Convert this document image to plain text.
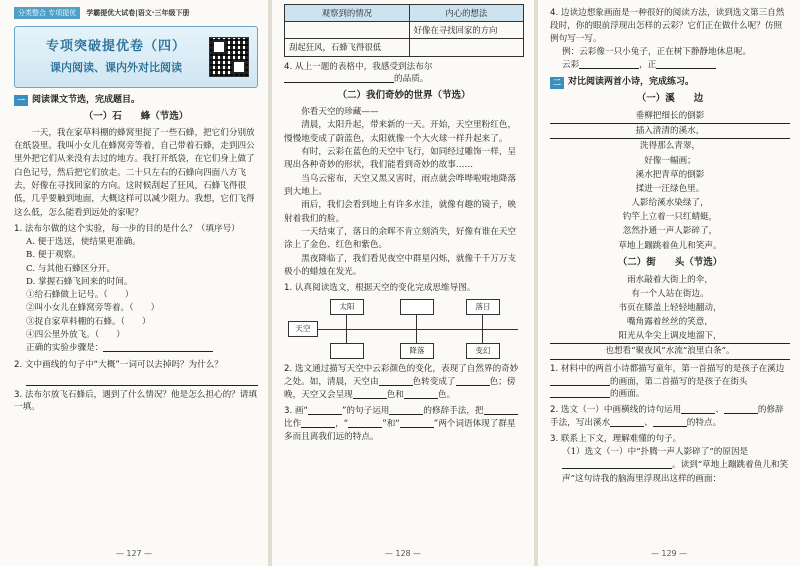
分类整合 专项提优	学霸提优大试卷|语文·三年级下册
专项突破提优卷（四）
课内阅读、课内外对比阅读
一 阅读课文节选，完成题目。
（一）石　　蜂（节选）
一天，我在家草料棚的蜂窝里捉了一些石蜂，把它们分别放在纸袋里。我叫小女儿在蜂窝旁等着，自己带着石蜂，走到四公里外把它们从来没有去过的地方。我打开纸袋，在它们身上做了白色记号，然后把它们放走。二十只左右的石蜂向四面八方飞去，好像在寻找回家的方向。这时候刮起了狂风，石蜂飞得很低，几乎要触到地面，大概这样可以减少阻力。我想，它们飞得这么低，怎么能看到远处的家呢？
1. 法布尔做的这个实验，每一步的目的是什么？（填序号）
A. 便于选送，使结果更准确。
B. 便于观察。
C. 与其他石蜂区分开。
D. 掌握石蜂飞回来的时间。
①给石蜂做上记号。（　　）
②叫小女儿在蜂窝旁等着。（　　）
③捉自家草料棚的石蜂。（　　）
④四公里外放飞。（　　）
正确的实验步骤是：
2. 文中画线的句子中“大概”一词可以去掉吗？为什么？
3. 法布尔放飞石蜂后，遇到了什么情况？他是怎么担心的？请填一填。
— 127 —
观察到的情况	内心的想法
	好像在寻找回家的方向
刮起狂风，石蜂飞得很低	
4. 从上一题的表格中，我感受到法布尔的品质。
（二）我们奇妙的世界（节选）
你看天空的珍藏——
清晨，太阳升起，带来新的一天。开始，天空里粉红色，慢慢地变成了蔚蓝色，太阳就像一个大火球一样升起来了。
有时，云彩在蓝色的天空中飞行，如同经过雕饰一样，呈现出各种奇妙的形状，我们能看到奇妙的故事……
当乌云密布，天空又黑又害时，雨点就会哗哗啦啦地降落到大地上。
雨后，我们会看到地上有许多水洼，就像有趣的镜子，映射着我们的脸。
一天结束了，落日的余晖不肯立刻消失，好像有谁在天空涂上了金色、红色和紫色。
黑夜降临了，我们看见夜空中群星闪烁，就像千千万万支极小的蜡烛在发光。
1. 认真阅读选文，根据天空的变化完成思维导图。
天空
太阳	落日
降落	变幻
2. 选文通过描写天空中云彩颜色的变化，表现了自然界的奇妙之处。如，清晨，天空由	色转变成了	色；傍晚，天空又会呈现	色和	色。
3. 画“	”的句子运用	的修辞手法，把比作	，“	”和“	”两个词语体现了群星多而且离我们远的特点。
— 128 —
4. 边读边想象画面是一种很好的阅读方法，读到选文第三自然段时，你的眼前浮现出怎样的云彩？它们正在做什么呢？仿照例句写一写。
例：云彩像一只小兔子，正在树下静静地休息呢。
云彩	，正
二 对比阅读两首小诗，完成练习。
（一）溪　　边
垂柳把细长的倒影
插入清清的溪水，
洗得那么青翠，
好像一幅画；
溪水把青草的倒影
揉进一汪绿色里。
人影给溪水染绿了，
钓竿上立着一只红蜻蜓，
忽然扑通一声人影碎了，
草地上蹦跳着鱼儿和笑声。
（二）街　　头（节选）
雨水敲着大街上的伞，
有一个人站在街边。
书页在膝盖上轻轻地翻动，
嘴角露着丝丝的笑意，
阳光从伞尖上调皮地溜下，
也想看“聚夜风”水流“浪里白条”。
1. 材料中的两首小诗都描写童年，第一首描写的是孩子在溪边的画面，第二首描写的是孩子在街头的画面。
2. 选文（一）中画横线的诗句运用	、	的修辞手法，写出溪水	、	的特点。
3. 联系上下文，理解难懂的句子。
（1）选文（一）中“扑腾一声人影碎了”的原因是。读到“草地上蹦跳着鱼儿和笑声”这句诗我的脑海里浮现出这样的画面：
— 129 —
